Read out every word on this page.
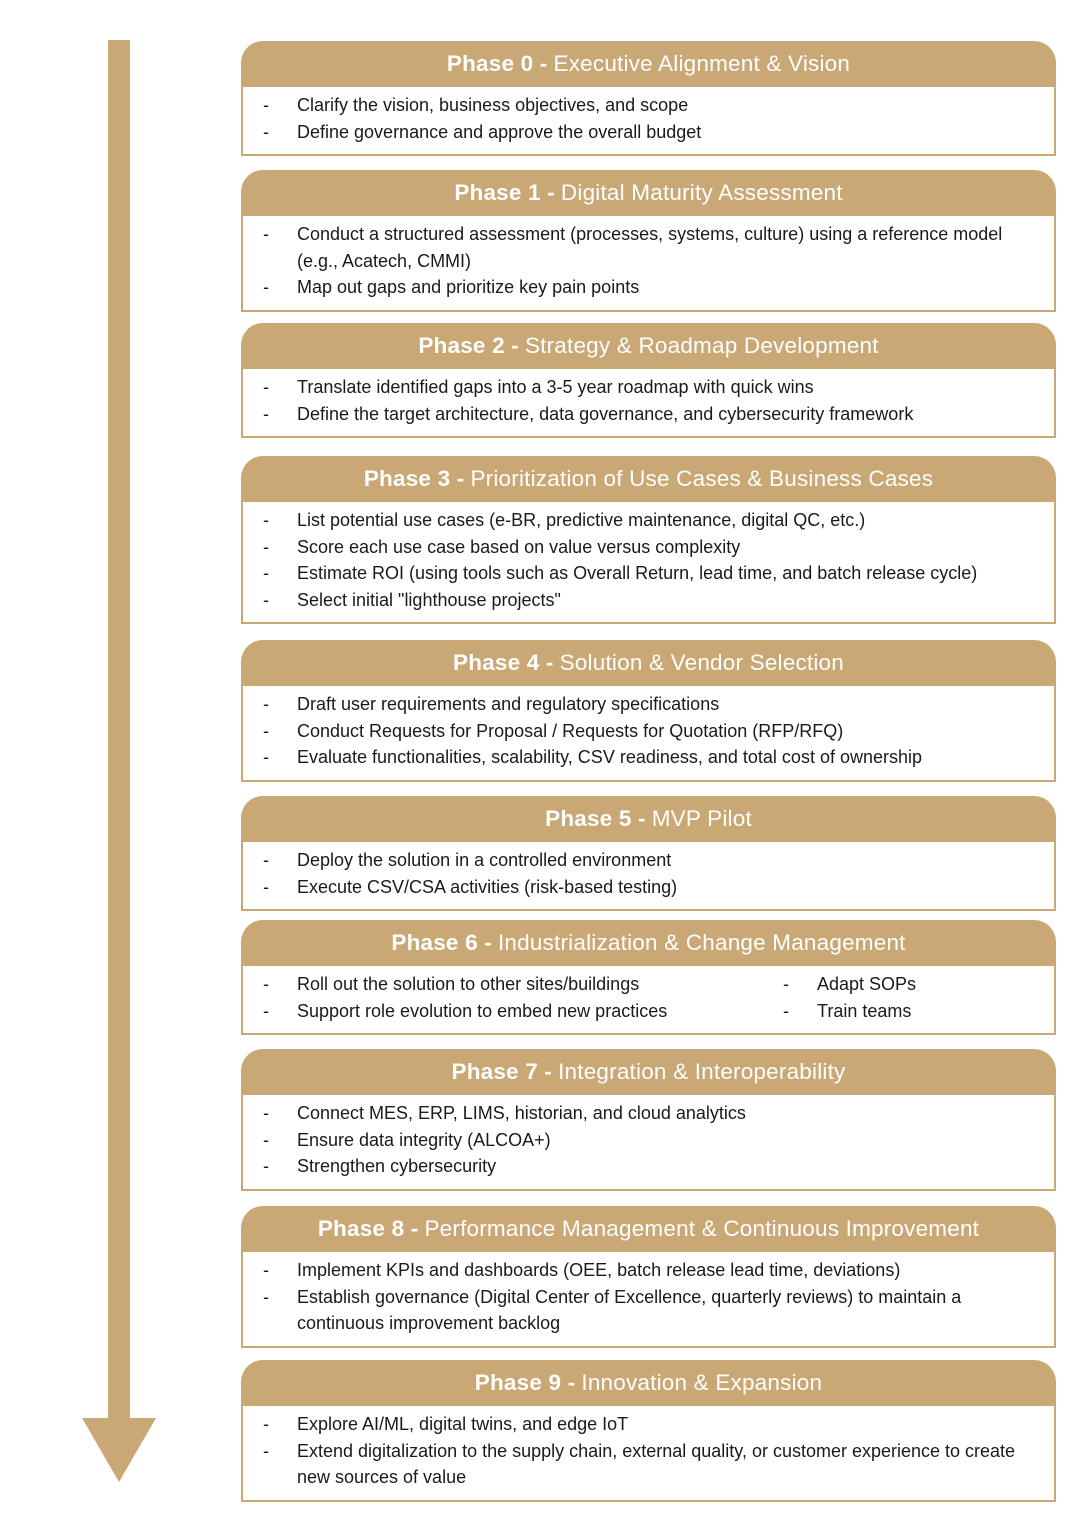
Phase 0 - Executive Alignment & Vision
-	Clarify the vision, business objectives, and scope
-	Define governance and approve the overall budget
Phase 1 - Digital Maturity Assessment
-	Conduct a structured assessment (processes, systems, culture) using a reference model (e.g., Acatech, CMMI)
-	Map out gaps and prioritize key pain points
Phase 2 - Strategy & Roadmap Development
-	Translate identified gaps into a 3-5 year roadmap with quick wins
-	Define the target architecture, data governance, and cybersecurity framework
Phase 3 - Prioritization of Use Cases & Business Cases
-	List potential use cases (e-BR, predictive maintenance, digital QC, etc.)
-	Score each use case based on value versus complexity
-	Estimate ROI (using tools such as Overall Return, lead time, and batch release cycle)
-	Select initial "lighthouse projects"
Phase 4 - Solution & Vendor Selection
-	Draft user requirements and regulatory specifications
-	Conduct Requests for Proposal / Requests for Quotation (RFP/RFQ)
-	Evaluate functionalities, scalability, CSV readiness, and total cost of ownership
Phase 5 - MVP Pilot
-	Deploy the solution in a controlled environment
-	Execute CSV/CSA activities (risk-based testing)
Phase 6 - Industrialization & Change Management
-	Roll out the solution to other sites/buildings
-	Support role evolution to embed new practices
-	Adapt SOPs
-	Train teams
Phase 7 - Integration & Interoperability
-	Connect MES, ERP, LIMS, historian, and cloud analytics
-	Ensure data integrity (ALCOA+)
-	Strengthen cybersecurity
Phase 8 - Performance Management & Continuous Improvement
-	Implement KPIs and dashboards (OEE, batch release lead time, deviations)
-	Establish governance (Digital Center of Excellence, quarterly reviews) to maintain a continuous improvement backlog
Phase 9 - Innovation & Expansion
-	Explore AI/ML, digital twins, and edge IoT
-	Extend digitalization to the supply chain, external quality, or customer experience to create new sources of value
